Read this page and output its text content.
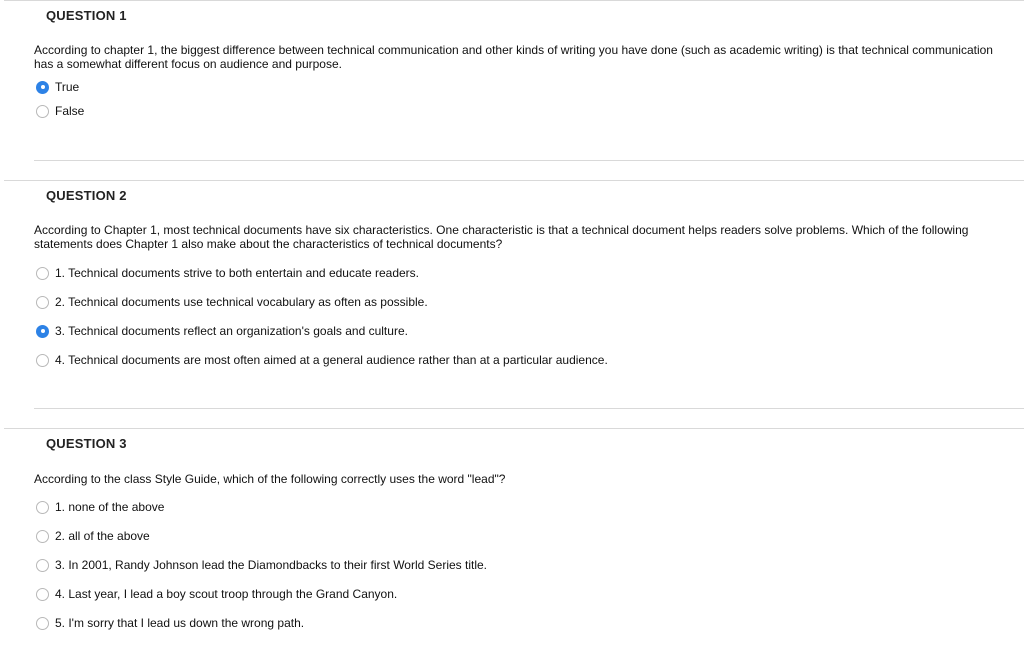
QUESTION 1
According to chapter 1, the biggest difference between technical communication and other kinds of writing you have done (such as academic writing) is that technical communication has a somewhat different focus on audience and purpose.
True
False
QUESTION 2
According to Chapter 1, most technical documents have six characteristics. One characteristic is that a technical document helps readers solve problems. Which of the following statements does Chapter 1 also make about the characteristics of technical documents?
1. Technical documents strive to both entertain and educate readers.
2. Technical documents use technical vocabulary as often as possible.
3. Technical documents reflect an organization's goals and culture.
4. Technical documents are most often aimed at a general audience rather than at a particular audience.
QUESTION 3
According to the class Style Guide, which of the following correctly uses the word "lead"?
1. none of the above
2. all of the above
3. In 2001, Randy Johnson lead the Diamondbacks to their first World Series title.
4. Last year, I lead a boy scout troop through the Grand Canyon.
5. I'm sorry that I lead us down the wrong path.
